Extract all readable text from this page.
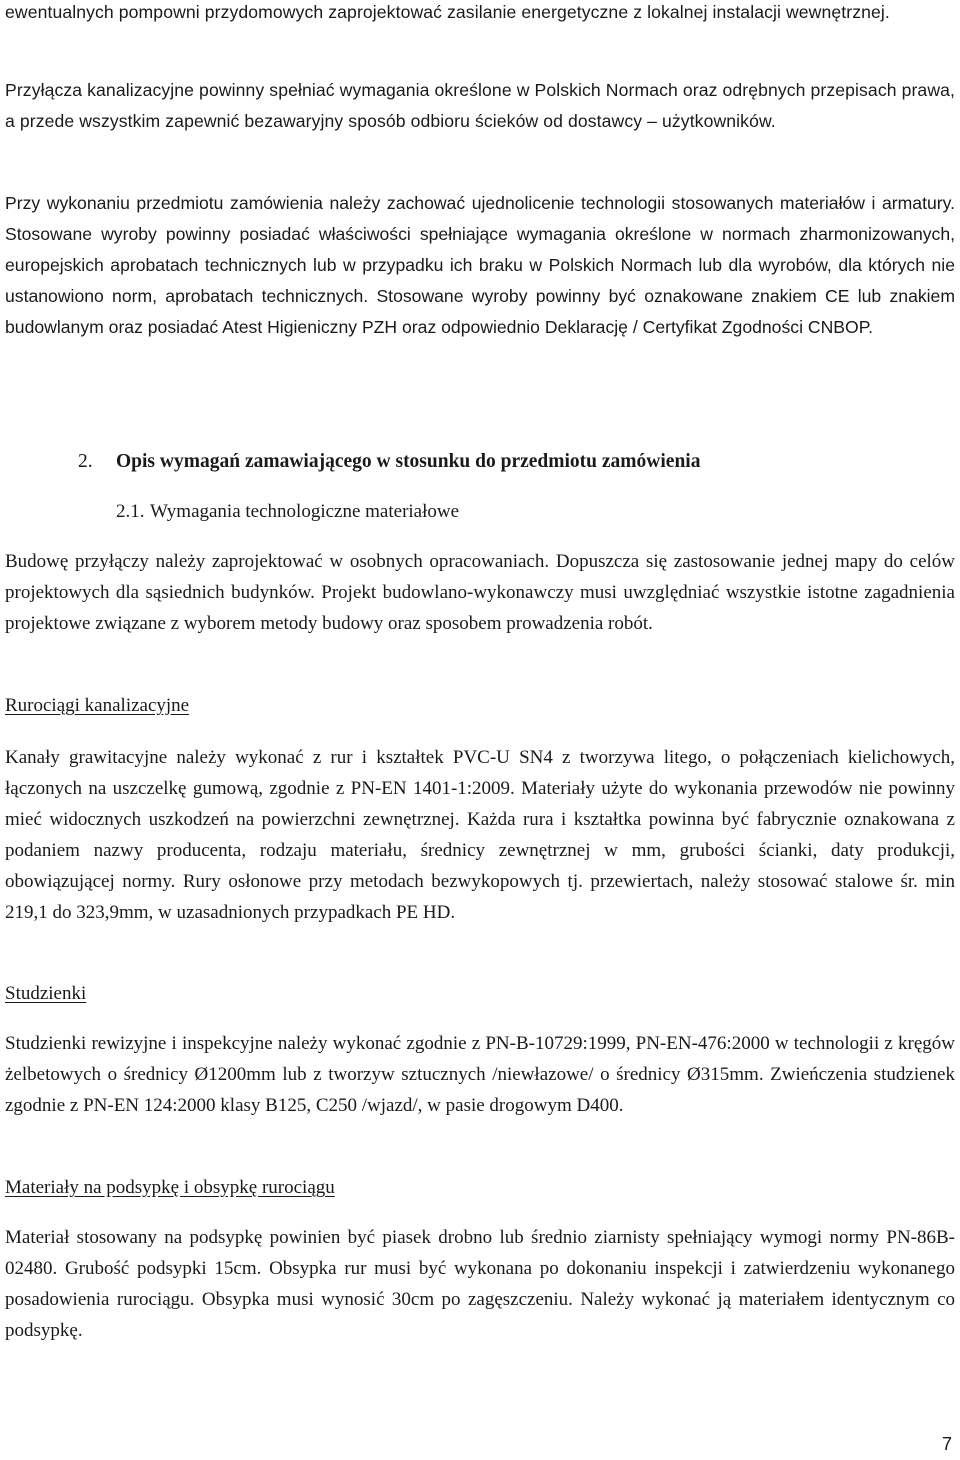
ewentualnych pompowni przydomowych zaprojektować zasilanie energetyczne z lokalnej instalacji wewnętrznej.

Przyłącza kanalizacyjne powinny spełniać wymagania określone w Polskich Normach oraz odrębnych przepisach prawa, a przede wszystkim zapewnić bezawaryjny sposób odbioru ścieków od dostawcy – użytkowników.

Przy wykonaniu przedmiotu zamówienia należy zachować ujednolicenie technologii stosowanych materiałów i armatury. Stosowane wyroby powinny posiadać właściwości spełniające wymagania określone w normach zharmonizowanych, europejskich aprobatach technicznych lub w przypadku ich braku w Polskich Normach lub dla wyrobów, dla których nie ustanowiono norm, aprobatach technicznych. Stosowane wyroby powinny być oznakowane znakiem CE lub znakiem budowlanym oraz posiadać Atest Higieniczny PZH oraz odpowiednio Deklarację / Certyfikat Zgodności CNBOP.

2. Opis wymagań zamawiającego w stosunku do przedmiotu zamówienia
2.1. Wymagania technologiczne materiałowe

Budowę przyłączy należy zaprojektować w osobnych opracowaniach. Dopuszcza się zastosowanie jednej mapy do celów projektowych dla sąsiednich budynków. Projekt budowlano-wykonawczy musi uwzględniać wszystkie istotne zagadnienia projektowe związane z wyborem metody budowy oraz sposobem prowadzenia robót.

Rurociągi kanalizacyjne

Kanały grawitacyjne należy wykonać z rur i kształtek PVC-U SN4 z tworzywa litego, o połączeniach kielichowych, łączonych na uszczelkę gumową, zgodnie z PN-EN 1401-1:2009. Materiały użyte do wykonania przewodów nie powinny mieć widocznych uszkodzeń na powierzchni zewnętrznej. Każda rura i kształtka powinna być fabrycznie oznakowana z podaniem nazwy producenta, rodzaju materiału, średnicy zewnętrznej w mm, grubości ścianki, daty produkcji, obowiązującej normy. Rury osłonowe przy metodach bezwykopowych tj. przewiertach, należy stosować stalowe śr. min 219,1 do 323,9mm, w uzasadnionych przypadkach PE HD.

Studzienki

Studzienki rewizyjne i inspekcyjne należy wykonać zgodnie z PN-B-10729:1999, PN-EN-476:2000 w technologii z kręgów żelbetowych o średnicy Ø1200mm lub z tworzyw sztucznych /niewłazowe/ o średnicy Ø315mm. Zwieńczenia studzienek zgodnie z PN-EN 124:2000 klasy B125, C250 /wjazd/, w pasie drogowym D400.

Materiały na podsypkę i obsypkę rurociągu

Materiał stosowany na podsypkę powinien być piasek drobno lub średnio ziarnisty spełniający wymogi normy PN-86B-02480. Grubość podsypki 15cm. Obsypka rur musi być wykonana po dokonaniu inspekcji i zatwierdzeniu wykonanego posadowienia rurociągu. Obsypka musi wynosić 30cm po zagęszczeniu. Należy wykonać ją materiałem identycznym co podsypkę.

7
